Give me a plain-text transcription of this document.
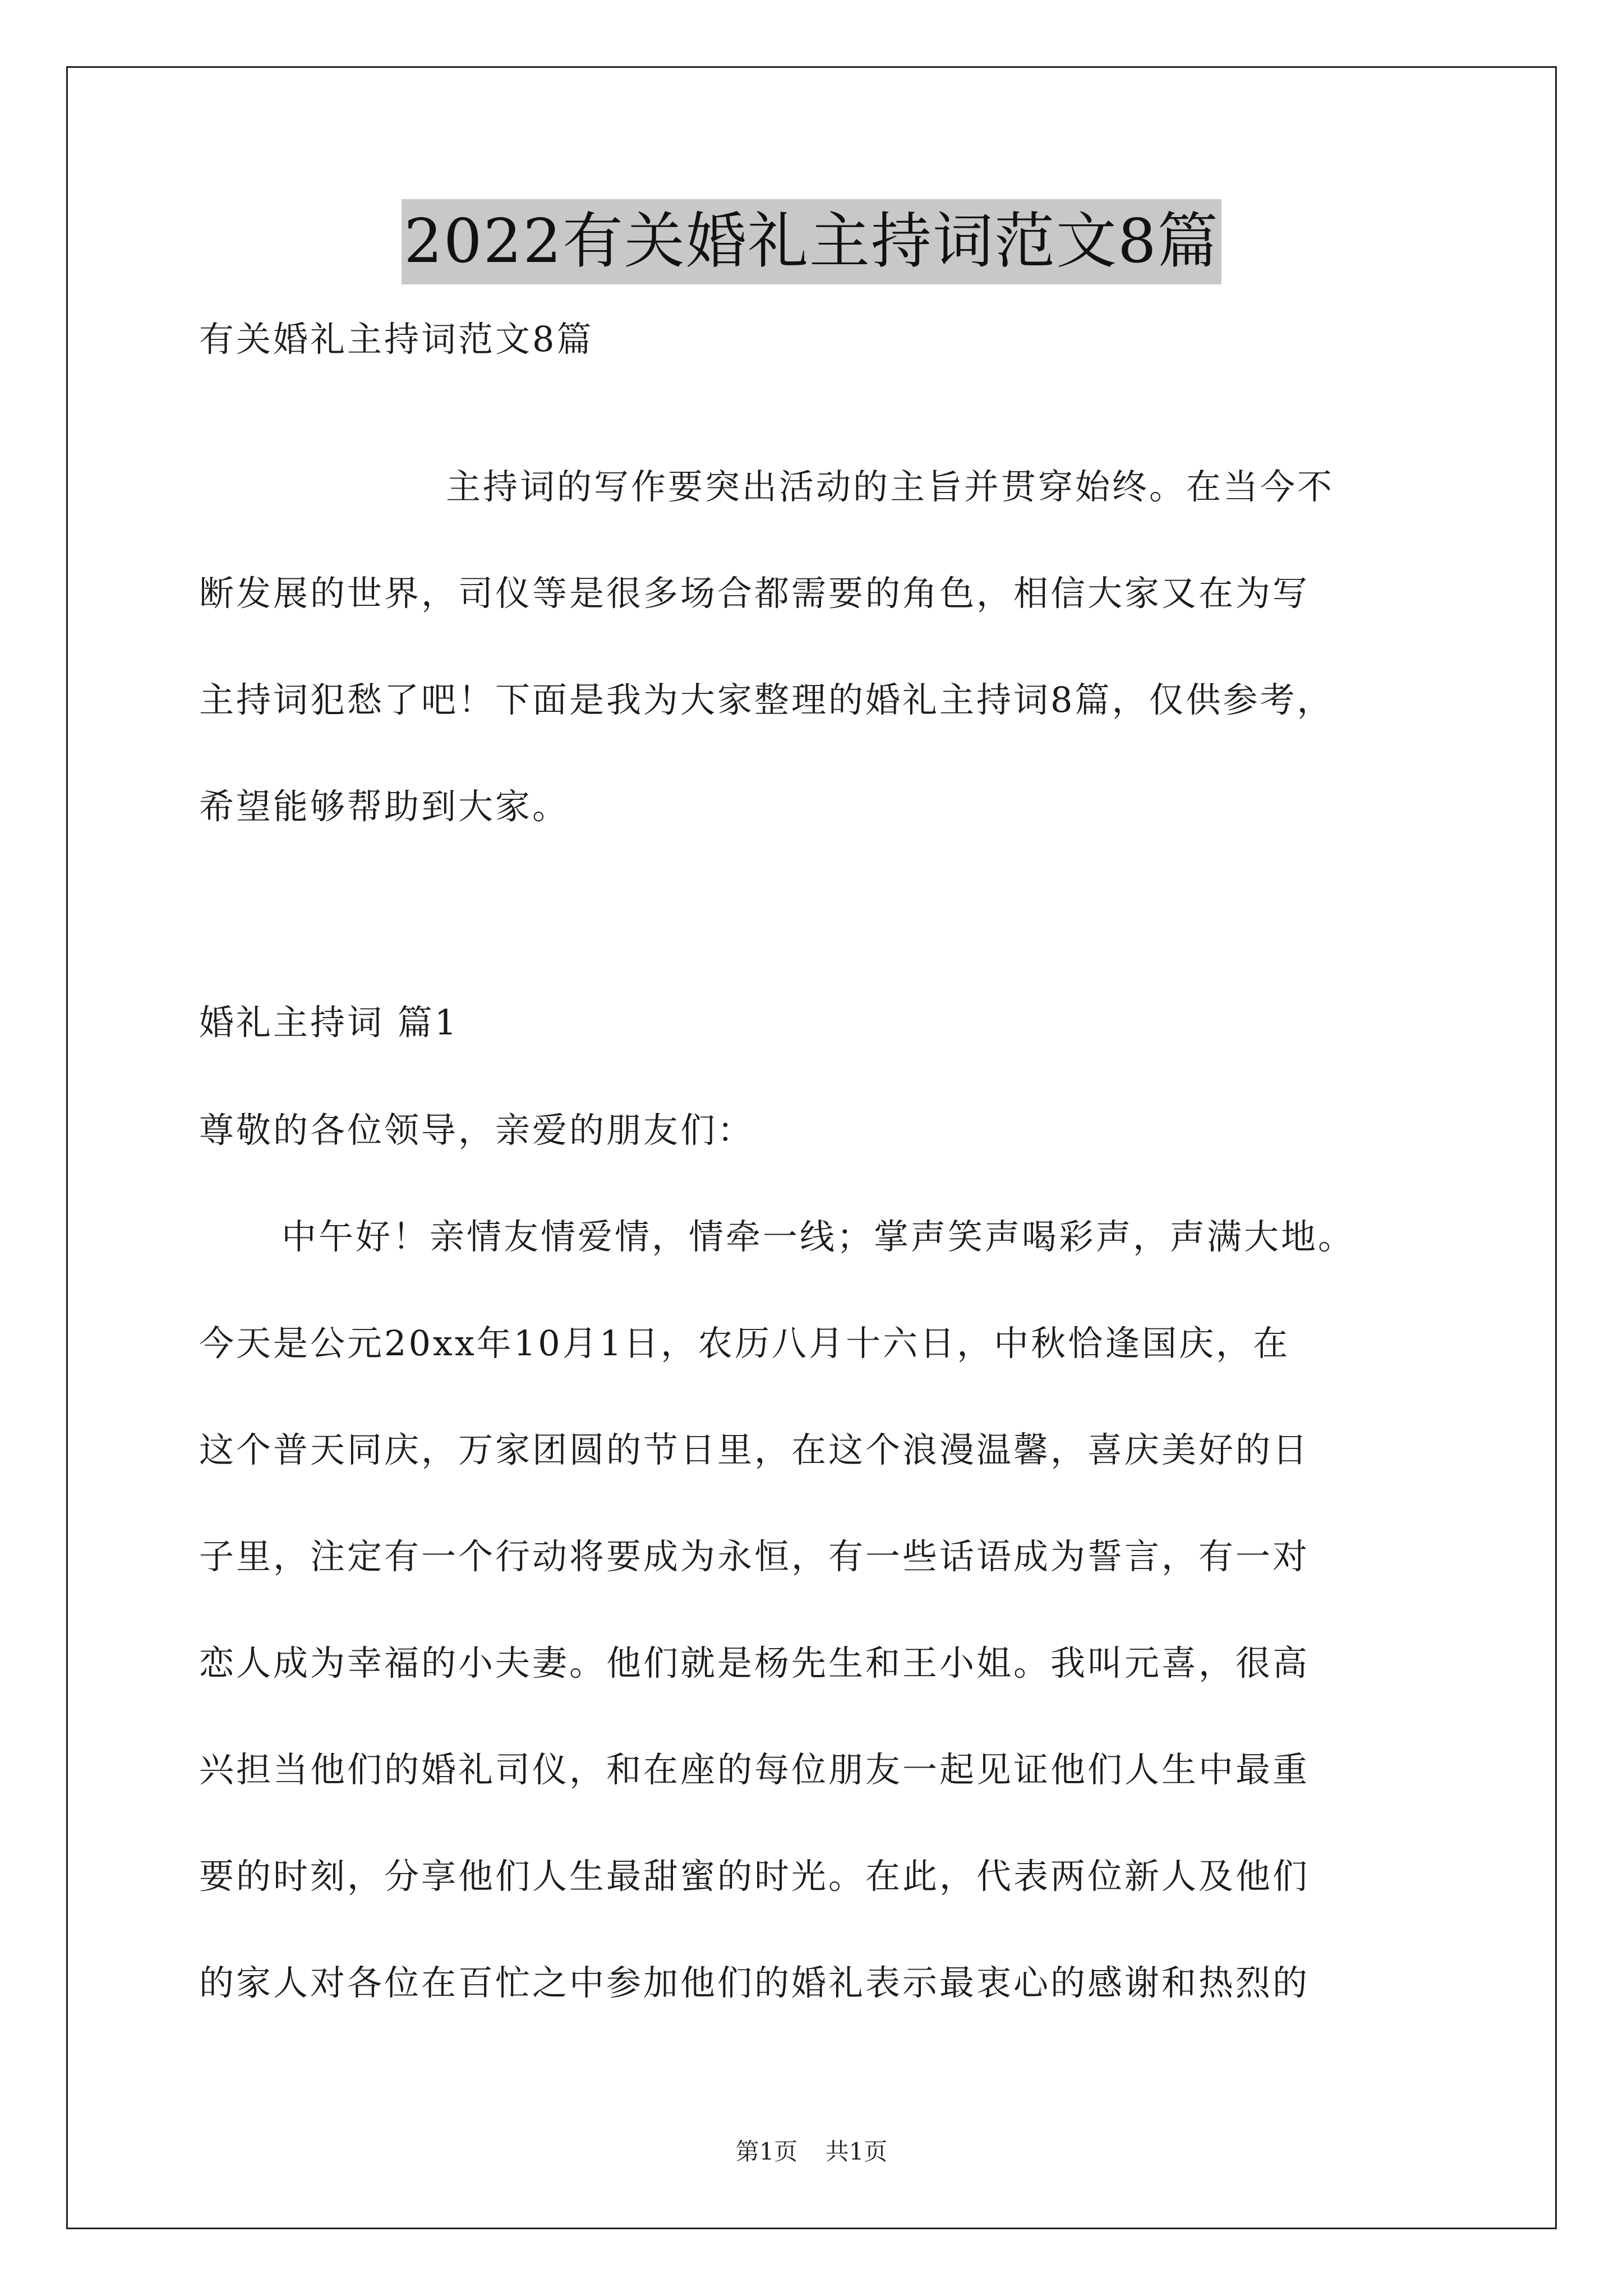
2022有关婚礼主持词范文8篇
有关婚礼主持词范文8篇
主持词的写作要突出活动的主旨并贯穿始终。在当今不
断发展的世界，司仪等是很多场合都需要的角色，相信大家又在为写
主持词犯愁了吧！下面是我为大家整理的婚礼主持词8篇，仅供参考，
希望能够帮助到大家。
婚礼主持词 篇1
尊敬的各位领导，亲爱的朋友们：
中午好！亲情友情爱情，情牵一线；掌声笑声喝彩声，声满大地。
今天是公元20xx年10月1日，农历八月十六日，中秋恰逢国庆，在
这个普天同庆，万家团圆的节日里，在这个浪漫温馨，喜庆美好的日
子里，注定有一个行动将要成为永恒，有一些话语成为誓言，有一对
恋人成为幸福的小夫妻。他们就是杨先生和王小姐。我叫元喜，很高
兴担当他们的婚礼司仪，和在座的每位朋友一起见证他们人生中最重
要的时刻，分享他们人生最甜蜜的时光。在此，代表两位新人及他们
的家人对各位在百忙之中参加他们的婚礼表示最衷心的感谢和热烈的
第1页 共1页
